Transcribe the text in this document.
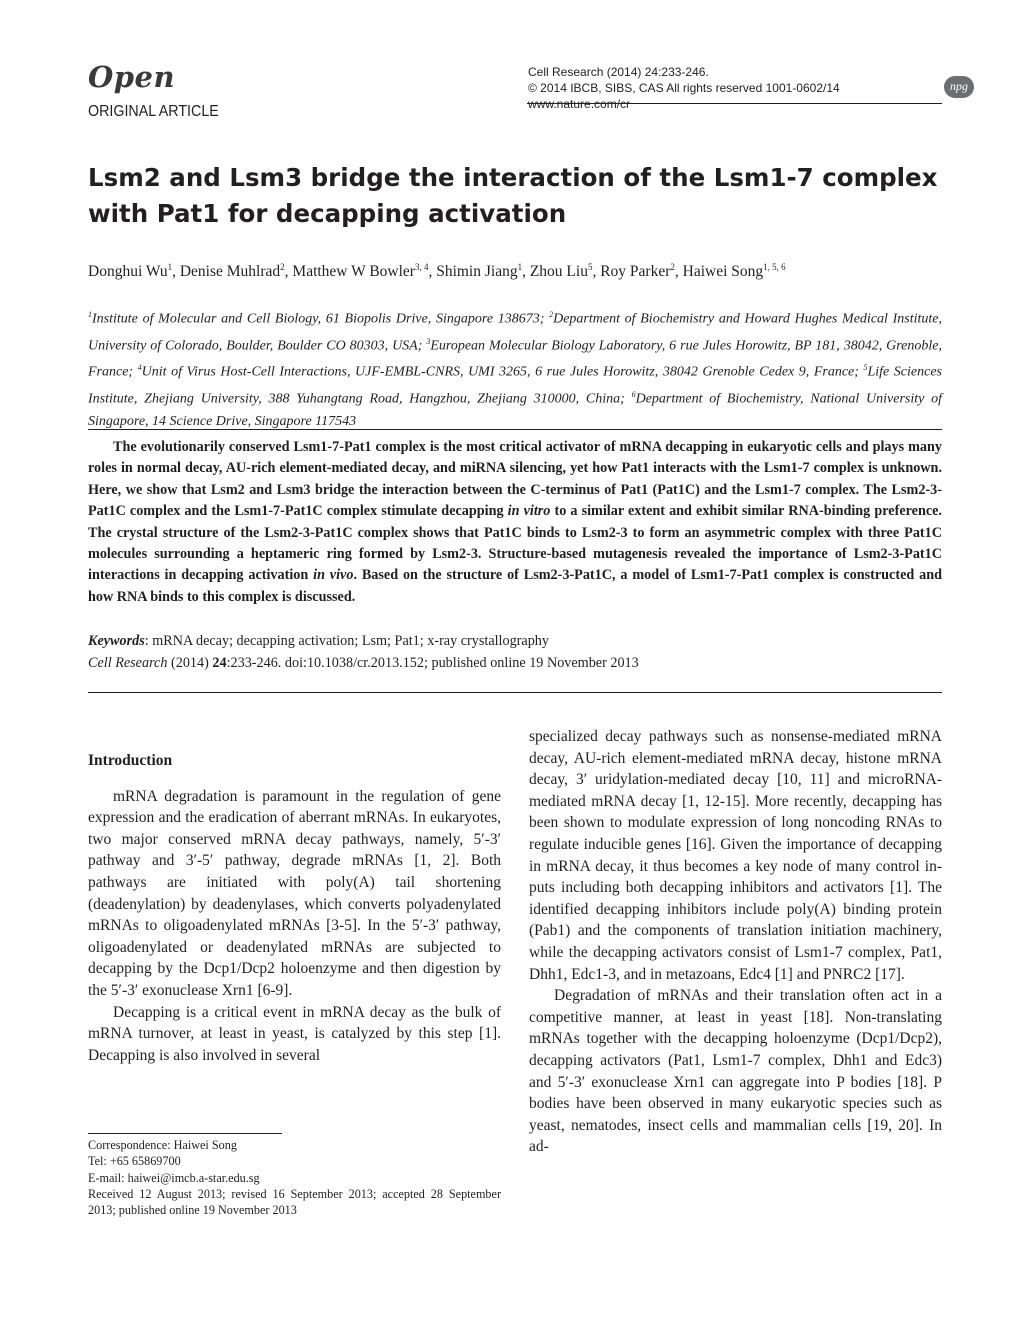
Open
ORIGINAL ARTICLE
Cell Research (2014) 24:233-246.
© 2014 IBCB, SIBS, CAS All rights reserved 1001-0602/14
www.nature.com/cr
npg
Lsm2 and Lsm3 bridge the interaction of the Lsm1-7 complex with Pat1 for decapping activation
Donghui Wu$^1$, Denise Muhlrad$^2$, Matthew W Bowler$^{3, 4}$, Shimin Jiang$^1$, Zhou Liu$^5$, Roy Parker$^2$, Haiwei Song$^{1, 5, 6}$
$^1$Institute of Molecular and Cell Biology, 61 Biopolis Drive, Singapore 138673; $^2$Department of Biochemistry and Howard Hughes Medical Institute, University of Colorado, Boulder, Boulder CO 80303, USA; $^3$European Molecular Biology Laboratory, 6 rue Jules Horowitz, BP 181, 38042, Grenoble, France; $^4$Unit of Virus Host-Cell Interactions, UJF-EMBL-CNRS, UMI 3265, 6 rue Jules Horowitz, 38042 Grenoble Cedex 9, France; $^5$Life Sciences Institute, Zhejiang University, 388 Yuhangtang Road, Hangzhou, Zhejiang 310000, China; $^6$Department of Biochemistry, National University of Singapore, 14 Science Drive, Singapore 117543

The evolutionarily conserved Lsm1-7-Pat1 complex is the most critical activator of mRNA decapping in eukaryotic cells and plays many roles in normal decay, AU-rich element-mediated decay, and miRNA silencing, yet how Pat1 interacts with the Lsm1-7 complex is unknown. Here, we show that Lsm2 and Lsm3 bridge the interaction between the C-terminus of Pat1 (Pat1C) and the Lsm1-7 complex. The Lsm2-3-Pat1C complex and the Lsm1-7-Pat1C complex stimulate decapping in vitro to a similar extent and exhibit similar RNA-binding preference. The crystal structure of the Lsm2-3-Pat1C complex shows that Pat1C binds to Lsm2-3 to form an asymmetric complex with three Pat1C molecules surrounding a heptameric ring formed by Lsm2-3. Structure-based mutagenesis revealed the importance of Lsm2-3-Pat1C interactions in decapping activation in vivo. Based on the structure of Lsm2-3-Pat1C, a model of Lsm1-7-Pat1 complex is constructed and how RNA binds to this complex is discussed.

Keywords: mRNA decay; decapping activation; Lsm; Pat1; x-ray crystallography
Cell Research (2014) 24:233-246. doi:10.1038/cr.2013.152; published online 19 November 2013
Introduction

mRNA degradation is paramount in the regulation of gene expression and the eradication of aberrant mRNAs. In eukaryotes, two major conserved mRNA decay pathways, namely, 5′-3′ pathway and 3′-5′ pathway, degrade mRNAs [1, 2]. Both pathways are initiated with poly(A) tail shortening (deadenylation) by deadenylases, which converts polyadenylated mRNAs to oligoadenylated mRNAs [3-5]. In the 5′-3′ pathway, oligoadenylated or deadenylated mRNAs are subjected to decapping by the Dcp1/Dcp2 holoenzyme and then digestion by the 5′-3′ exonuclease Xrn1 [6-9].

Decapping is a critical event in mRNA decay as the bulk of mRNA turnover, at least in yeast, is catalyzed by this step [1]. Decapping is also involved in several

specialized decay pathways such as nonsense-mediated mRNA decay, AU-rich element-mediated mRNA decay, histone mRNA decay, 3′ uridylation-mediated decay [10, 11] and microRNA-mediated mRNA decay [1, 12-15]. More recently, decapping has been shown to modulate expression of long noncoding RNAs to regulate inducible genes [16]. Given the importance of decapping in mRNA decay, it thus becomes a key node of many control inputs including both decapping inhibitors and activators [1]. The identified decapping inhibitors include poly(A) binding protein (Pab1) and the components of translation initiation machinery, while the decapping activators consist of Lsm1-7 complex, Pat1, Dhh1, Edc1-3, and in metazoans, Edc4 [1] and PNRC2 [17].

Degradation of mRNAs and their translation often act in a competitive manner, at least in yeast [18]. Non-translating mRNAs together with the decapping holoenzyme (Dcp1/Dcp2), decapping activators (Pat1, Lsm1-7 complex, Dhh1 and Edc3) and 5′-3′ exonuclease Xrn1 can aggregate into P bodies [18]. P bodies have been observed in many eukaryotic species such as yeast, nematodes, insect cells and mammalian cells [19, 20]. In ad-

Correspondence: Haiwei Song
Tel: +65 65869700
E-mail: haiwei@imcb.a-star.edu.sg
Received 12 August 2013; revised 16 September 2013; accepted 28 September 2013; published online 19 November 2013
